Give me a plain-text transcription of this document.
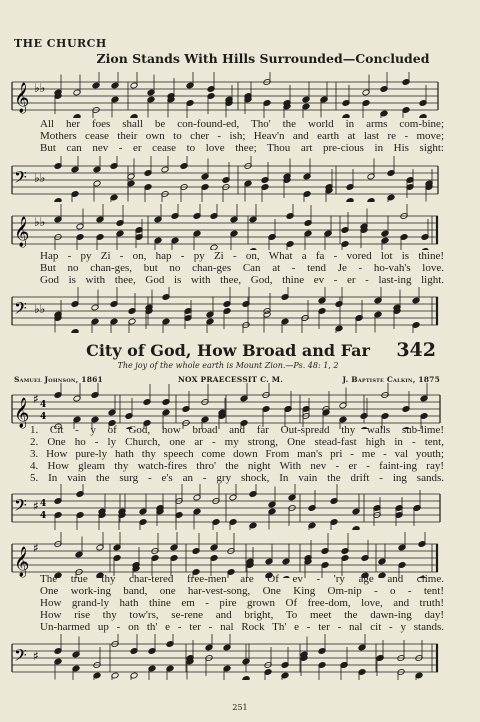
THE CHURCH
Zion Stands With Hills Surrounded—Concluded
𝄞 ♭♭
All her foes shall be con-found-ed, Tho' the world in arms com-bine;
Mothers cease their own to cher - ish; Heav'n and earth at last re - move;
But can nev - er cease to love thee; Thou art pre-cious in His sight:
𝄢 ♭♭
𝄞 ♭♭
Hap - py Zi - on, hap - py Zi - on, What a fa - vored lot is thine!
But no chan-ges, but no chan-ges Can at - tend Je - ho-vah's love.
God is with thee, God is with thee, God, thine ev - er - last-ing light.
𝄢 ♭♭
City of God, How Broad and Far	342
The joy of the whole earth is Mount Zion.—Ps. 48: 1, 2
Samuel Johnson, 1861	NOX PRAECESSIT C. M.	J. Baptiste Calkin, 1875
𝄞 ♯ 4
4
1. Cit - y of God, how broad and far Out-spread thy walls sub-lime!
2. One ho - ly Church, one ar - my strong, One stead-fast high in - tent,
3. How pure-ly hath thy speech come down From man's pri - me - val youth;
4. How gleam thy watch-fires thro' the night With nev - er - faint-ing ray!
5. In vain the surg - e's an - gry shock, In vain the drift - ing sands.
𝄢 ♯ 4
4
𝄞 ♯
The true thy char-tered free-men are Of ev - 'ry age and clime.
One work-ing band, one har-vest-song, One King Om-nip - o - tent!
How grand-ly hath thine em - pire grown Of free-dom, love, and truth!
How rise thy tow'rs, se-rene and bright, To meet the dawn-ing day!
Un-harmed up - on th' e - ter - nal Rock Th' e - ter - nal cit - y stands.
𝄢 ♯
251
